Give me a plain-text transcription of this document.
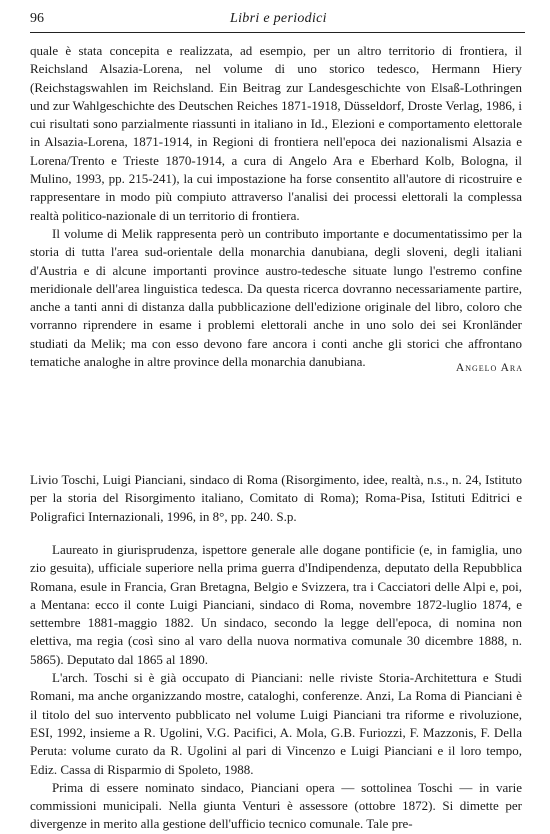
96	Libri e periodici

quale è stata concepita e realizzata, ad esempio, per un altro territorio di frontiera, il Reichsland Alsazia-Lorena, nel volume di uno storico tedesco, Hermann Hiery (Reichstagswahlen im Reichsland. Ein Beitrag zur Landesgeschichte von Elsaß-Lothringen und zur Wahlgeschichte des Deutschen Reiches 1871-1918, Düsseldorf, Droste Verlag, 1986, i cui risultati sono parzialmente riassunti in italiano in Id., Elezioni e comportamento elettorale in Alsazia-Lorena, 1871-1914, in Regioni di frontiera nell'epoca dei nazionalismi Alsazia e Lorena/Trento e Trieste 1870-1914, a cura di Angelo Ara e Eberhard Kolb, Bologna, il Mulino, 1993, pp. 215-241), la cui impostazione ha forse consentito all'autore di ricostruire e rappresentare in modo più compiuto attraverso l'analisi dei processi elettorali la complessa realtà politico-nazionale di un territorio di frontiera.

Il volume di Melik rappresenta però un contributo importante e documentatissimo per la storia di tutta l'area sud-orientale della monarchia danubiana, degli sloveni, degli italiani d'Austria e di alcune importanti province austro-tedesche situate lungo l'estremo confine meridionale dell'area linguistica tedesca. Da questa ricerca dovranno necessariamente partire, anche a tanti anni di distanza dalla pubblicazione dell'edizione originale del libro, coloro che vorranno riprendere in esame i problemi elettorali anche in uno solo dei sei Kronländer studiati da Melik; ma con esso devono fare ancora i conti anche gli storici che affrontano tematiche analoghe in altre province della monarchia danubiana.	Angelo Ara
Livio Toschi, Luigi Pianciani, sindaco di Roma (Risorgimento, idee, realtà, n.s., n. 24, Istituto per la storia del Risorgimento italiano, Comitato di Roma); Roma-Pisa, Istituti Editrici e Poligrafici Internazionali, 1996, in 8°, pp. 240. S.p.

Laureato in giurisprudenza, ispettore generale alle dogane pontificie (e, in famiglia, uno zio gesuita), ufficiale superiore nella prima guerra d'Indipendenza, deputato della Repubblica Romana, esule in Francia, Gran Bretagna, Belgio e Svizzera, tra i Cacciatori delle Alpi e, poi, a Mentana: ecco il conte Luigi Pianciani, sindaco di Roma, novembre 1872-luglio 1874, e settembre 1881-maggio 1882. Un sindaco, secondo la legge dell'epoca, di nomina non elettiva, ma regia (così sino al varo della nuova normativa comunale 30 dicembre 1888, n. 5865). Deputato dal 1865 al 1890.

L'arch. Toschi si è già occupato di Pianciani: nelle riviste Storia-Architettura e Studi Romani, ma anche organizzando mostre, cataloghi, conferenze. Anzi, La Roma di Pianciani è il titolo del suo intervento pubblicato nel volume Luigi Pianciani tra riforme e rivoluzione, ESI, 1992, insieme a R. Ugolini, V.G. Pacifici, A. Mola, G.B. Furiozzi, F. Mazzonis, F. Della Peruta: volume curato da R. Ugolini al pari di Vincenzo e Luigi Pianciani e il loro tempo, Ediz. Cassa di Risparmio di Spoleto, 1988.

Prima di essere nominato sindaco, Pianciani opera — sottolinea Toschi — in varie commissioni municipali. Nella giunta Venturi è assessore (ottobre 1872). Si dimette per divergenze in merito alla gestione dell'ufficio tecnico comunale. Tale pre-
